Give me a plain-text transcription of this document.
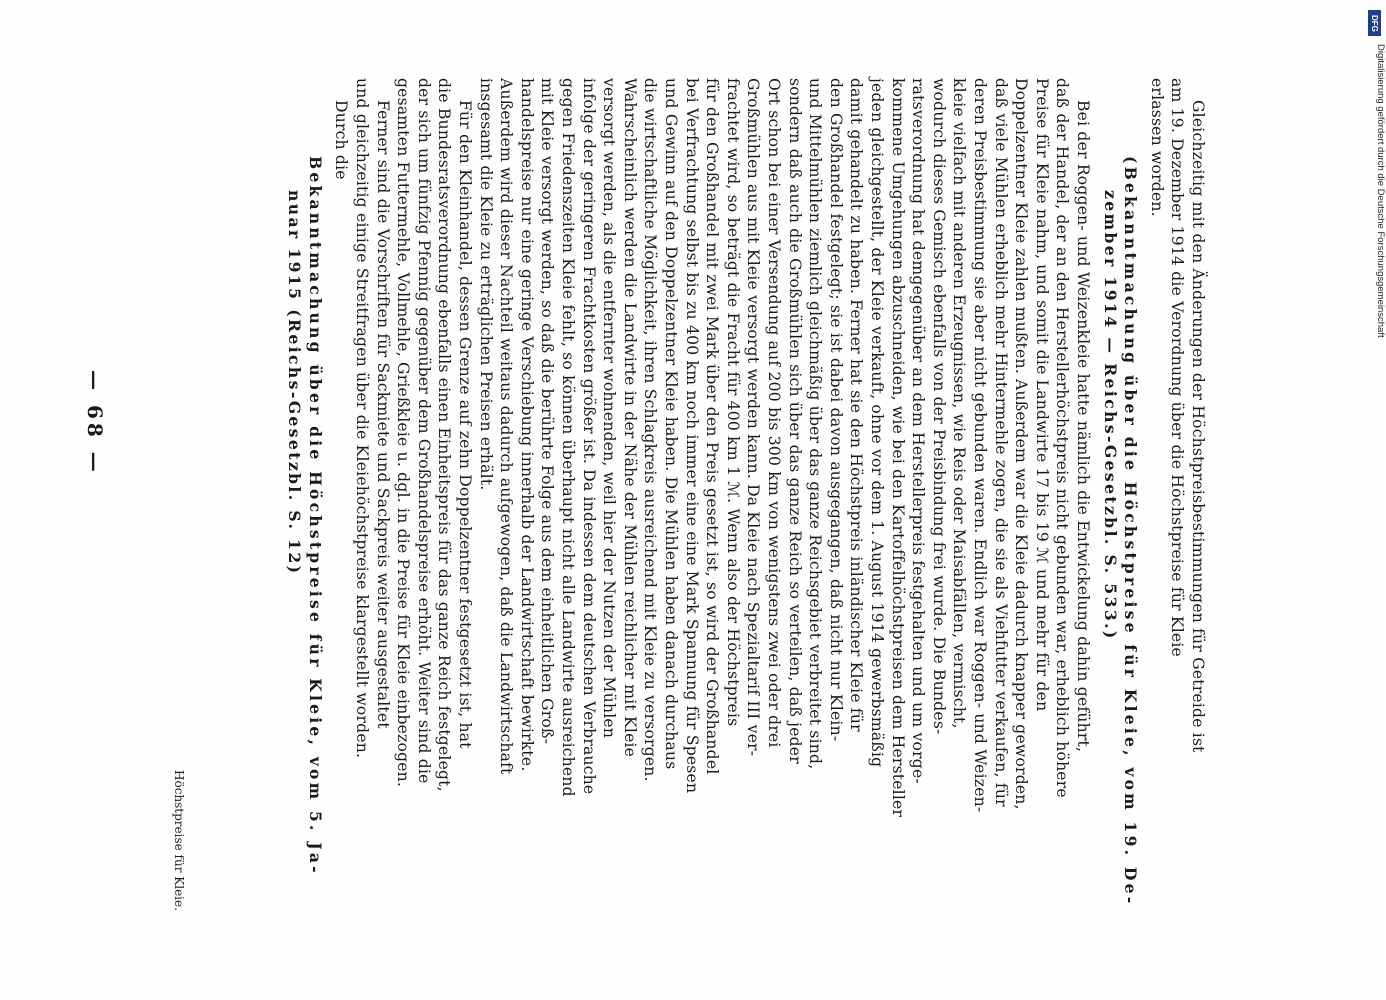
DFG
Digitalisierung gefördert durch die Deutsche Forschungsgemeinschaft
— 68 —
Höchstpreise für Kleie.
Gleichzeitig mit den Änderungen der Höchstpreisbestimmungen für Getreide ist
am 19. Dezember 1914 die Verordnung über die Höchstpreise für Kleie
erlassen worden.
(Bekanntmachung über die Höchstpreise für Kleie, vom 19. De-
zember 1914 — Reichs-Gesetzbl. S. 533.)
Bei der Roggen- und Weizenkleie hatte nämlich die Entwickelung dahin geführt,
daß der Handel, der an den Herstellerhöchstpreis nicht gebunden war, erheblich höhere
Preise für Kleie nahm, und somit die Landwirte 17 bis 19 ℳ und mehr für den
Doppelzentner Kleie zahlen mußten. Außerdem war die Kleie dadurch knapper geworden,
daß viele Mühlen erheblich mehr Hintermehle zogen, die sie als Viehfutter verkaufen, für
deren Preisbestimmung sie aber nicht gebunden waren. Endlich war Roggen- und Weizen-
kleie vielfach mit anderen Erzeugnissen, wie Reis oder Maisabfällen, vermischt,
wodurch dieses Gemisch ebenfalls von der Preisbindung frei wurde. Die Bundes-
ratsverordnung hat demgegenüber an dem Herstellerpreis festgehalten und um vorge-
kommene Umgehungen abzuschneiden, wie bei den Kartoffelhöchstpreisen dem Hersteller
jeden gleichgestellt, der Kleie verkauft, ohne vor dem 1. August 1914 gewerbsmäßig
damit gehandelt zu haben. Ferner hat sie den Höchstpreis inländischer Kleie für
den Großhandel festgelegt; sie ist dabei davon ausgegangen, daß nicht nur Klein-
und Mittelmühlen ziemlich gleichmäßig über das ganze Reichsgebiet verbreitet sind,
sondern daß auch die Großmühlen sich über das ganze Reich so verteilen, daß jeder
Ort schon bei einer Versendung auf 200 bis 300 km von wenigstens zwei oder drei
Großmühlen aus mit Kleie versorgt werden kann. Da Kleie nach Spezialtarif III ver-
frachtet wird, so beträgt die Fracht für 400 km 1 ℳ. Wenn also der Höchstpreis
für den Großhandel mit zwei Mark über den Preis gesetzt ist, so wird der Großhandel
bei Verfrachtung selbst bis zu 400 km noch immer eine eine Mark Spannung für Spesen
und Gewinn auf den Doppelzentner Kleie haben. Die Mühlen haben danach durchaus
die wirtschaftliche Möglichkeit, ihren Schlagkreis ausreichend mit Kleie zu versorgen.
Wahrscheinlich werden die Landwirte in der Nähe der Mühlen reichlicher mit Kleie
versorgt werden, als die entfernter wohnenden, weil hier der Nutzen der Mühlen
infolge der geringeren Frachtkosten größer ist. Da indessen dem deutschen Verbrauche
gegen Friedenszeiten Kleie fehlt, so können überhaupt nicht alle Landwirte ausreichend
mit Kleie versorgt werden, so daß die berührte Folge aus dem einheitlichen Groß-
handelspreise nur eine geringe Verschiebung innerhalb der Landwirtschaft bewirkte.
Außerdem wird dieser Nachteil weitaus dadurch aufgewogen, daß die Landwirtschaft
insgesamt die Kleie zu erträglichen Preisen erhält.
Für den Kleinhandel, dessen Grenze auf zehn Doppelzentner festgesetzt ist, hat
die Bundesratsverordnung ebenfalls einen Einheitspreis für das ganze Reich festgelegt,
der sich um fünfzig Pfennig gegenüber dem Großhandelspreise erhöht. Weiter sind die
gesamten Futtermehle, Vollmehle, Grießkleie u. dgl. in die Preise für Kleie einbezogen.
Ferner sind die Vorschriften für Sackmiete und Sackpreis weiter ausgestaltet
und gleichzeitig einige Streitfragen über die Kleiehöchstpreise klargestellt worden.
Durch die
Bekanntmachung über die Höchstpreise für Kleie, vom 5. Ja-
nuar 1915 (Reichs-Gesetzbl. S. 12)
